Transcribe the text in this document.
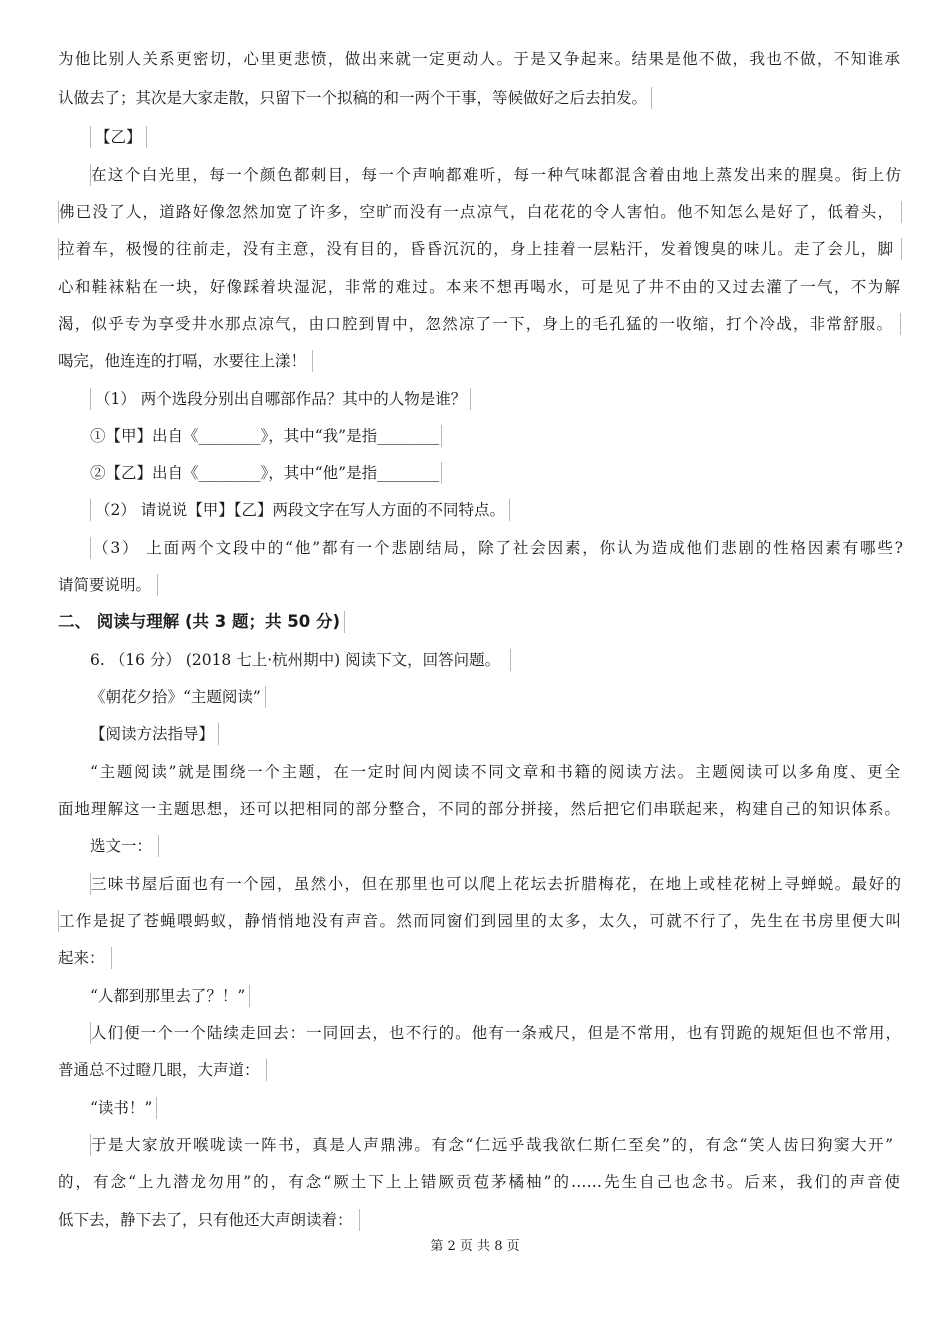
为他比别人关系更密切，心里更悲愤，做出来就一定更动人。于是又争起来。结果是他不做，我也不做，不知谁承
认做去了；其次是大家走散，只留下一个拟稿的和一两个干事，等候做好之后去拍发。
【乙】
在这个白光里，每一个颜色都刺目，每一个声响都难听，每一种气味都混含着由地上蒸发出来的腥臭。街上仿
佛已没了人，道路好像忽然加宽了许多，空旷而没有一点凉气，白花花的令人害怕。他不知怎么是好了，低着头，
拉着车，极慢的往前走，没有主意，没有目的，昏昏沉沉的，身上挂着一层粘汗，发着馊臭的味儿。走了会儿，脚
心和鞋袜粘在一块，好像踩着块湿泥，非常的难过。本来不想再喝水，可是见了井不由的又过去灌了一气，不为解
渴，似乎专为享受井水那点凉气，由口腔到胃中，忽然凉了一下，身上的毛孔猛的一收缩，打个冷战，非常舒服。
喝完，他连连的打嗝，水要往上漾！
（1） 两个选段分别出自哪部作品？其中的人物是谁？
①【甲】出自《________》，其中“我”是指________
②【乙】出自《________》，其中“他”是指________
（2） 请说说【甲】【乙】两段文字在写人方面的不同特点。
（3） 上面两个文段中的“他”都有一个悲剧结局，除了社会因素，你认为造成他们悲剧的性格因素有哪些?
请简要说明。
二、 阅读与理解 (共 3 题；共 50 分)
6. （16 分） (2018 七上·杭州期中) 阅读下文，回答问题。
《朝花夕拾》“主题阅读”
【阅读方法指导】
“主题阅读”就是围绕一个主题，在一定时间内阅读不同文章和书籍的阅读方法。主题阅读可以多角度、更全
面地理解这一主题思想，还可以把相同的部分整合，不同的部分拼接，然后把它们串联起来，构建自己的知识体系。
选文一：
三味书屋后面也有一个园，虽然小，但在那里也可以爬上花坛去折腊梅花，在地上或桂花树上寻蝉蜕。最好的
工作是捉了苍蝇喂蚂蚁，静悄悄地没有声音。然而同窗们到园里的太多，太久，可就不行了，先生在书房里便大叫
起来：
“人都到那里去了？！”
人们便一个一个陆续走回去：一同回去，也不行的。他有一条戒尺，但是不常用，也有罚跪的规矩但也不常用，
普通总不过瞪几眼，大声道：
“读书！”
于是大家放开喉咙读一阵书，真是人声鼎沸。有念“仁远乎哉我欲仁斯仁至矣”的，有念“笑人齿曰狗窦大开”
的，有念“上九潜龙勿用”的，有念“厥土下上上错厥贡苞茅橘柚”的……先生自己也念书。后来，我们的声音使
低下去，静下去了，只有他还大声朗读着：
第 2 页 共 8 页
